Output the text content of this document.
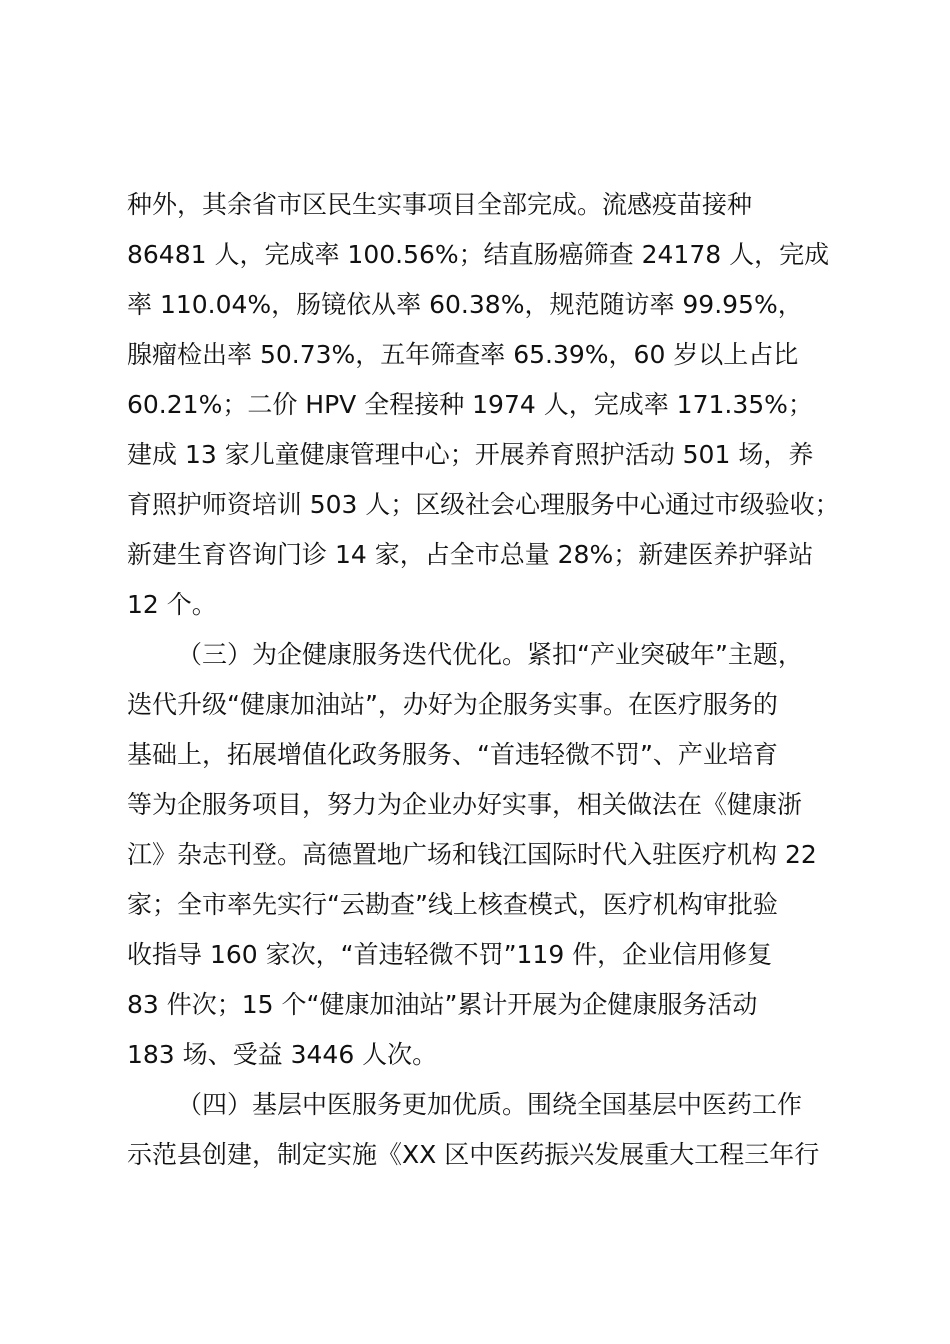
种外，其余省市区民生实事项目全部完成。流感疫苗接种
86481 人，完成率 100.56%；结直肠癌筛查 24178 人，完成
率 110.04%，肠镜依从率 60.38%，规范随访率 99.95%，
腺瘤检出率 50.73%，五年筛查率 65.39%，60 岁以上占比
60.21%；二价 HPV 全程接种 1974 人，完成率 171.35%；
建成 13 家儿童健康管理中心；开展养育照护活动 501 场，养
育照护师资培训 503 人；区级社会心理服务中心通过市级验收；
新建生育咨询门诊 14 家，占全市总量 28%；新建医养护驿站
12 个。
（三）为企健康服务迭代优化。紧扣“产业突破年”主题，
迭代升级“健康加油站”，办好为企服务实事。在医疗服务的
基础上，拓展增值化政务服务、“首违轻微不罚”、产业培育
等为企服务项目，努力为企业办好实事，相关做法在《健康浙
江》杂志刊登。高德置地广场和钱江国际时代入驻医疗机构 22
家；全市率先实行“云勘查”线上核查模式，医疗机构审批验
收指导 160 家次，“首违轻微不罚”119 件，企业信用修复
83 件次；15 个“健康加油站”累计开展为企健康服务活动
183 场、受益 3446 人次。
（四）基层中医服务更加优质。围绕全国基层中医药工作
示范县创建，制定实施《XX 区中医药振兴发展重大工程三年行
